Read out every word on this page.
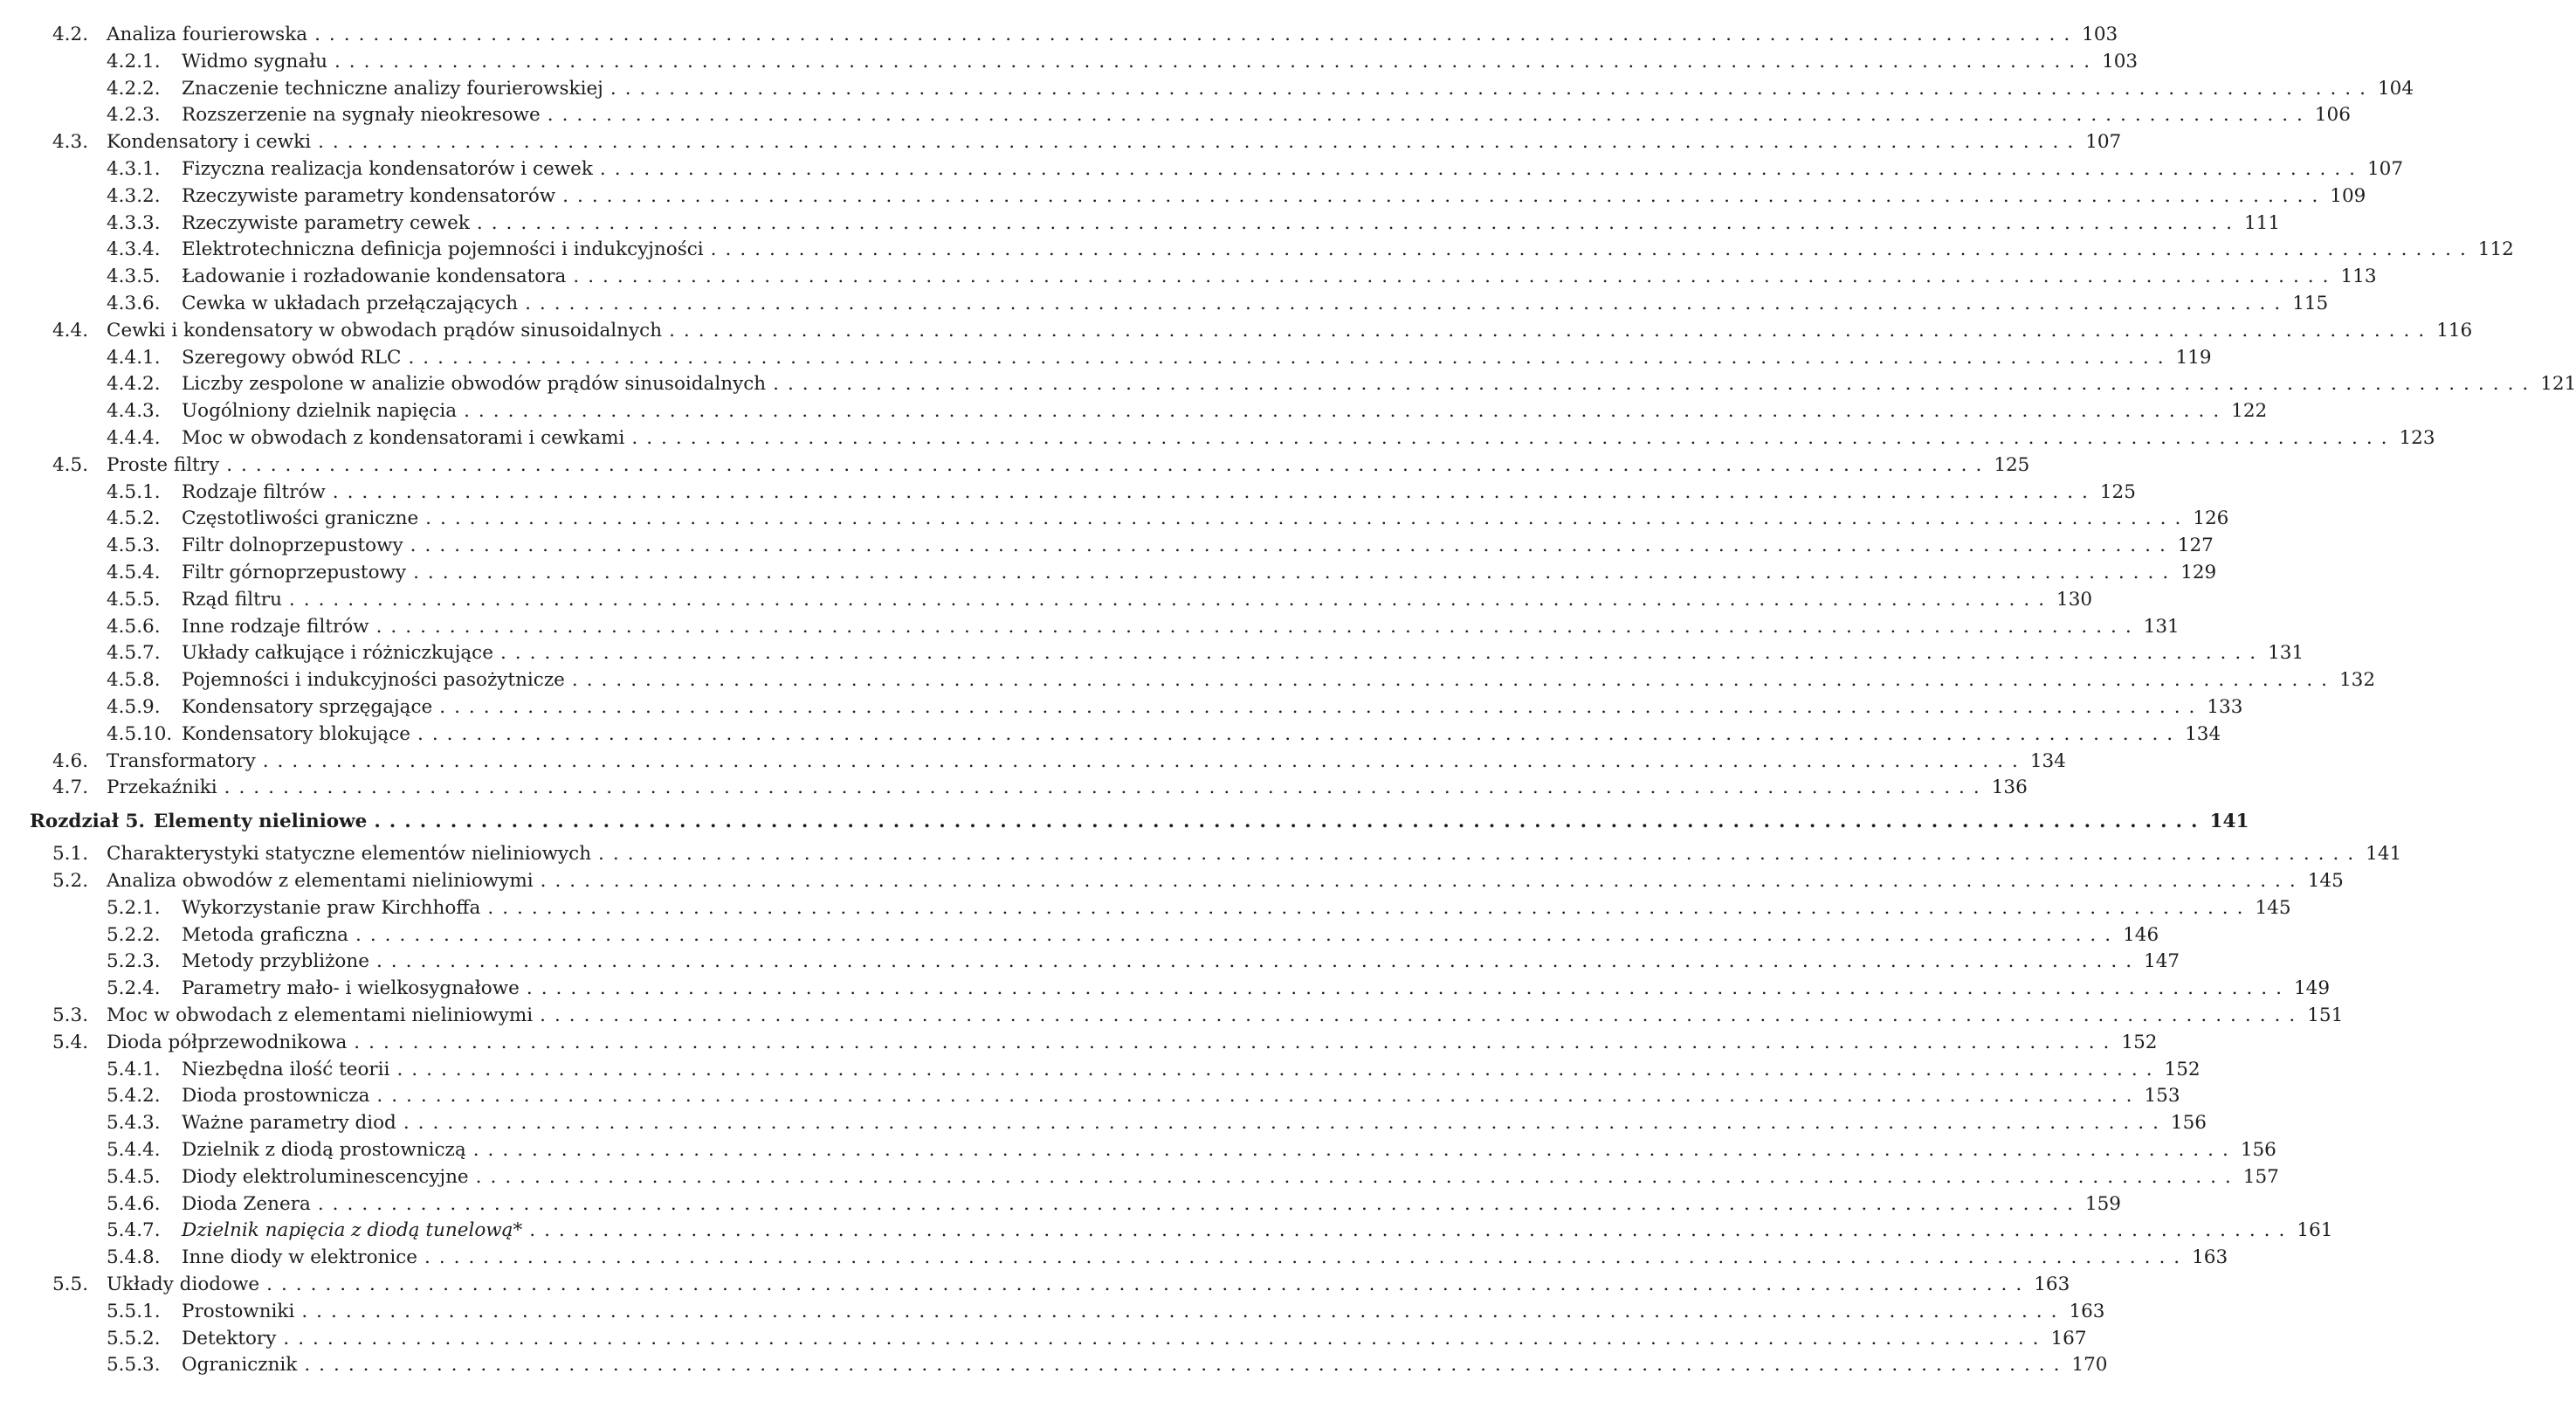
4.2. Analiza fourierowska ........................................................................................................................ 103
4.2.1.	Widmo sygnału ........................................................................................................................ 103
4.2.2.	Znaczenie techniczne analizy fourierowskiej ........................................................................................................................ 104
4.2.3.	Rozszerzenie na sygnały nieokresowe ........................................................................................................................ 106
4.3. Kondensatory i cewki ........................................................................................................................ 107
4.3.1.	Fizyczna realizacja kondensatorów i cewek ........................................................................................................................ 107
4.3.2.	Rzeczywiste parametry kondensatorów ........................................................................................................................ 109
4.3.3.	Rzeczywiste parametry cewek ........................................................................................................................ 111
4.3.4.	Elektrotechniczna definicja pojemności i indukcyjności ........................................................................................................................ 112
4.3.5.	Ładowanie i rozładowanie kondensatora ........................................................................................................................ 113
4.3.6.	Cewka w układach przełączających ........................................................................................................................ 115
4.4. Cewki i kondensatory w obwodach prądów sinusoidalnych ........................................................................................................................ 116
4.4.1.	Szeregowy obwód RLC ........................................................................................................................ 119
4.4.2.	Liczby zespolone w analizie obwodów prądów sinusoidalnych ........................................................................................................................ 121
4.4.3.	Uogólniony dzielnik napięcia ........................................................................................................................ 122
4.4.4.	Moc w obwodach z kondensatorami i cewkami ........................................................................................................................ 123
4.5. Proste filtry ........................................................................................................................ 125
4.5.1.	Rodzaje filtrów ........................................................................................................................ 125
4.5.2.	Częstotliwości graniczne ........................................................................................................................ 126
4.5.3.	Filtr dolnoprzepustowy ........................................................................................................................ 127
4.5.4.	Filtr górnoprzepustowy ........................................................................................................................ 129
4.5.5.	Rząd filtru ........................................................................................................................ 130
4.5.6.	Inne rodzaje filtrów ........................................................................................................................ 131
4.5.7.	Układy całkujące i różniczkujące ........................................................................................................................ 131
4.5.8.	Pojemności i indukcyjności pasożytnicze ........................................................................................................................ 132
4.5.9.	Kondensatory sprzęgające ........................................................................................................................ 133
4.5.10. Kondensatory blokujące ........................................................................................................................ 134
4.6. Transformatory ........................................................................................................................ 134
4.7. Przekaźniki ........................................................................................................................ 136
Rozdział 5. Elementy nieliniowe ........................................................................................................................ 141
5.1. Charakterystyki statyczne elementów nieliniowych ........................................................................................................................ 141
5.2. Analiza obwodów z elementami nieliniowymi ........................................................................................................................ 145
5.2.1.	Wykorzystanie praw Kirchhoffa ........................................................................................................................ 145
5.2.2.	Metoda graficzna ........................................................................................................................ 146
5.2.3.	Metody przybliżone ........................................................................................................................ 147
5.2.4.	Parametry mało- i wielkosygnałowe ........................................................................................................................ 149
5.3. Moc w obwodach z elementami nieliniowymi ........................................................................................................................ 151
5.4. Dioda półprzewodnikowa ........................................................................................................................ 152
5.4.1.	Niezbędna ilość teorii ........................................................................................................................ 152
5.4.2.	Dioda prostownicza ........................................................................................................................ 153
5.4.3.	Ważne parametry diod ........................................................................................................................ 156
5.4.4.	Dzielnik z diodą prostowniczą ........................................................................................................................ 156
5.4.5.	Diody elektroluminescencyjne ........................................................................................................................ 157
5.4.6.	Dioda Zenera ........................................................................................................................ 159
5.4.7.	Dzielnik napięcia z diodą tunelową* ........................................................................................................................ 161
5.4.8.	Inne diody w elektronice ........................................................................................................................ 163
5.5. Układy diodowe ........................................................................................................................ 163
5.5.1.	Prostowniki ........................................................................................................................ 163
5.5.2.	Detektory ........................................................................................................................ 167
5.5.3.	Ogranicznik ........................................................................................................................ 170
